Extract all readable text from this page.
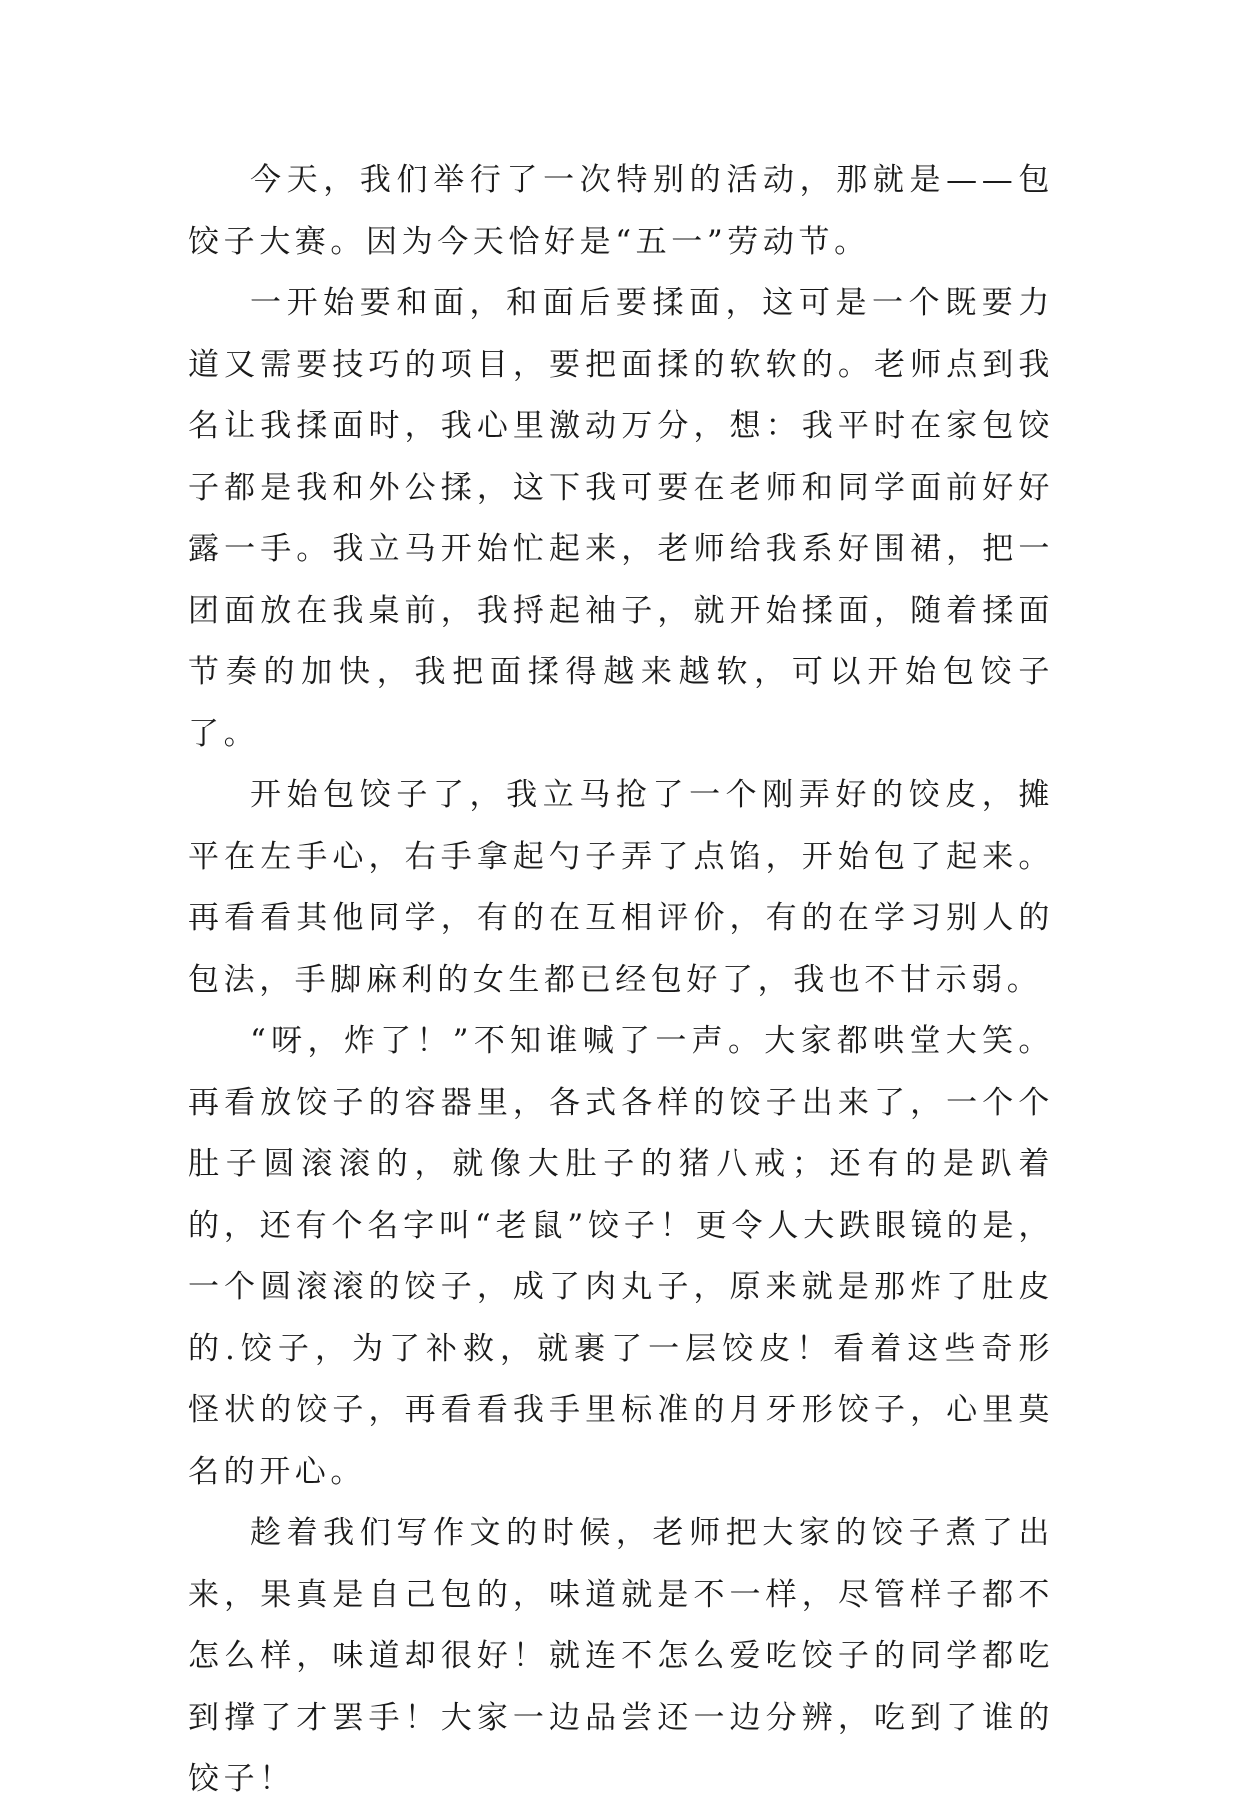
今天，我们举行了一次特别的活动，那就是——包饺子大赛。因为今天恰好是“五一”劳动节。

一开始要和面，和面后要揉面，这可是一个既要力道又需要技巧的项目，要把面揉的软软的。老师点到我名让我揉面时，我心里激动万分，想：我平时在家包饺子都是我和外公揉，这下我可要在老师和同学面前好好露一手。我立马开始忙起来，老师给我系好围裙，把一团面放在我桌前，我捋起袖子，就开始揉面，随着揉面节奏的加快，我把面揉得越来越软，可以开始包饺子了。

开始包饺子了，我立马抢了一个刚弄好的饺皮，摊平在左手心，右手拿起勺子弄了点馅，开始包了起来。再看看其他同学，有的在互相评价，有的在学习别人的包法，手脚麻利的女生都已经包好了，我也不甘示弱。

“呀，炸了！”不知谁喊了一声。大家都哄堂大笑。再看放饺子的容器里，各式各样的饺子出来了，一个个肚子圆滚滚的，就像大肚子的猪八戒；还有的是趴着的，还有个名字叫“老鼠”饺子！更令人大跌眼镜的是，一个圆滚滚的饺子，成了肉丸子，原来就是那炸了肚皮的.饺子，为了补救，就裹了一层饺皮！看着这些奇形怪状的饺子，再看看我手里标准的月牙形饺子，心里莫名的开心。

趁着我们写作文的时候，老师把大家的饺子煮了出来，果真是自己包的，味道就是不一样，尽管样子都不怎么样，味道却很好！就连不怎么爱吃饺子的同学都吃到撑了才罢手！大家一边品尝还一边分辨，吃到了谁的饺子！
